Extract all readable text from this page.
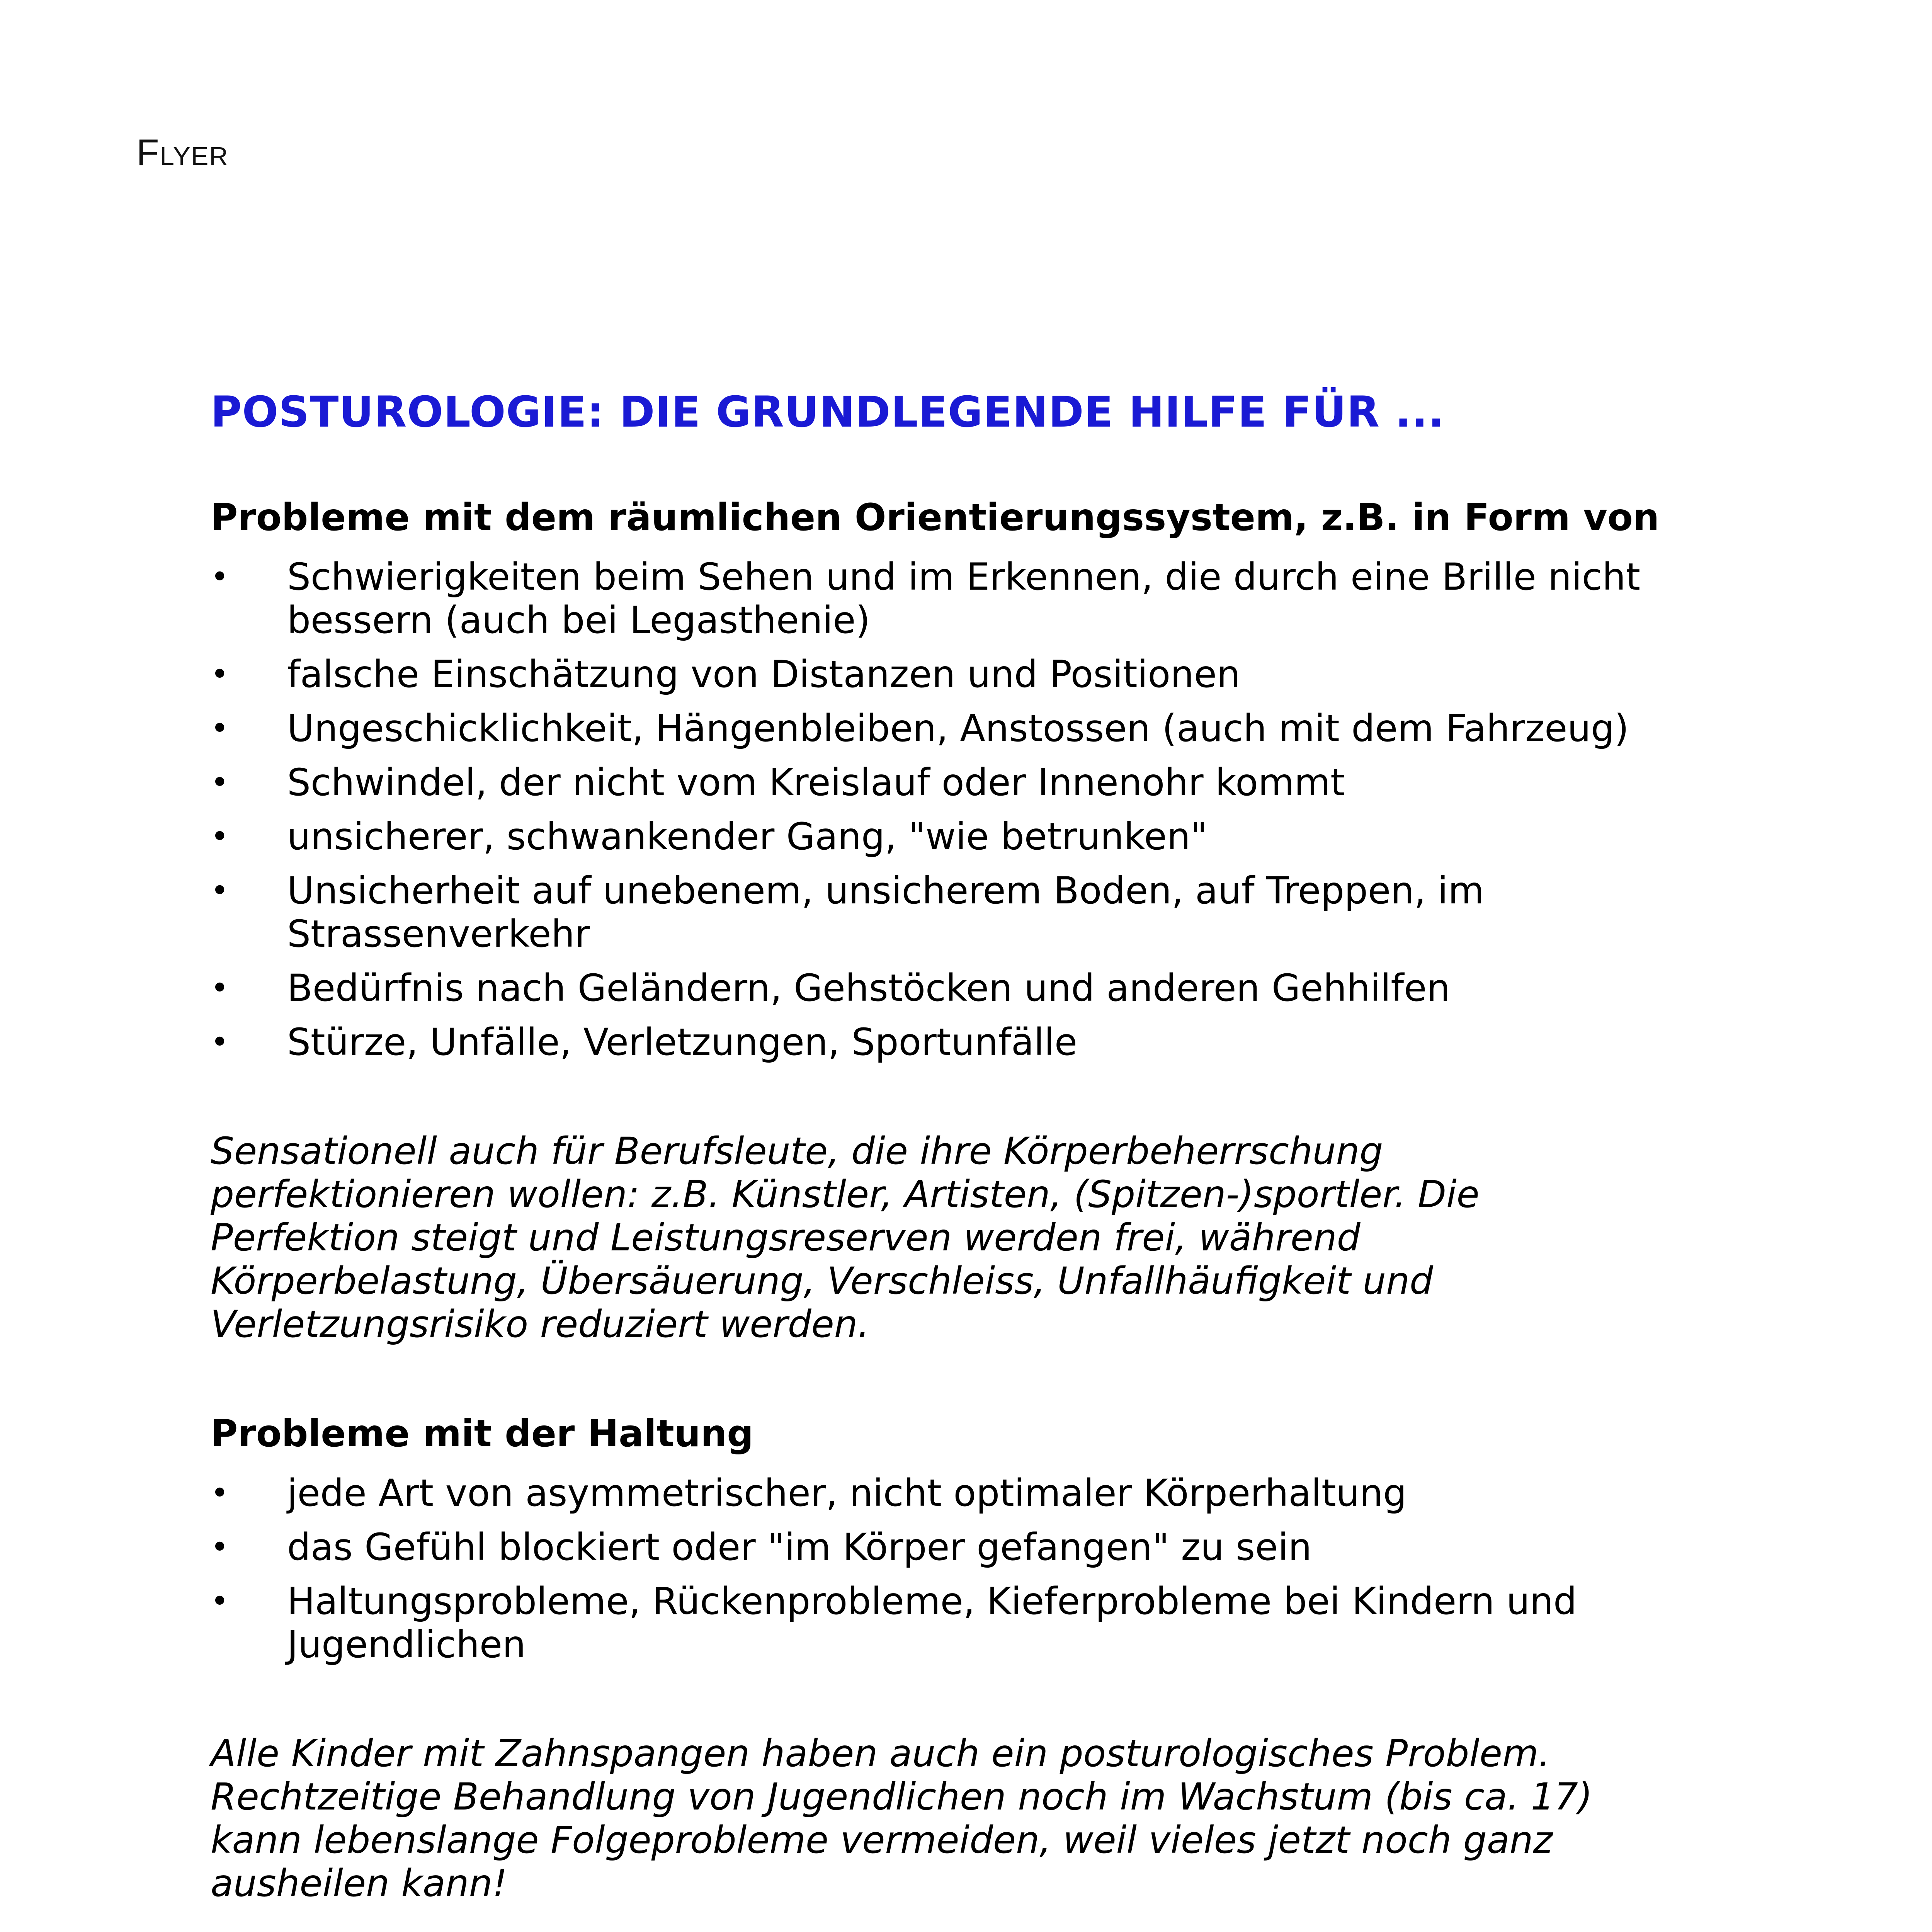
Flyer

POSTUROLOGIE: DIE GRUNDLEGENDE HILFE FÜR ...
Probleme mit dem räumlichen Orientierungssystem, z.B. in Form von
•	Schwierigkeiten beim Sehen und im Erkennen, die durch eine Brille nicht bessern (auch bei Legasthenie)
•	falsche Einschätzung von Distanzen und Positionen
•	Ungeschicklichkeit, Hängenbleiben, Anstossen (auch mit dem Fahrzeug)
•	Schwindel, der nicht vom Kreislauf oder Innenohr kommt
•	unsicherer, schwankender Gang, "wie betrunken"
•	Unsicherheit auf unebenem, unsicherem Boden, auf Treppen, im Strassenverkehr
•	Bedürfnis nach Geländern, Gehstöcken und anderen Gehhilfen
•	Stürze, Unfälle, Verletzungen, Sportunfälle

Sensationell auch für Berufsleute, die ihre Körperbeherrschung perfektionieren wollen: z.B. Künstler, Artisten, (Spitzen-)sportler. Die Perfektion steigt und Leistungsreserven werden frei, während Körperbelastung, Übersäuerung, Verschleiss, Unfallhäufigkeit und Verletzungsrisiko reduziert werden.

Probleme mit der Haltung
•	jede Art von asymmetrischer, nicht optimaler Körperhaltung
•	das Gefühl blockiert oder "im Körper gefangen" zu sein
•	Haltungsprobleme, Rückenprobleme, Kieferprobleme bei Kindern und Jugendlichen

Alle Kinder mit Zahnspangen haben auch ein posturologisches Problem. Rechtzeitige Behandlung von Jugendlichen noch im Wachstum (bis ca. 17) kann lebenslange Folgeprobleme vermeiden, weil vieles jetzt noch ganz ausheilen kann!
